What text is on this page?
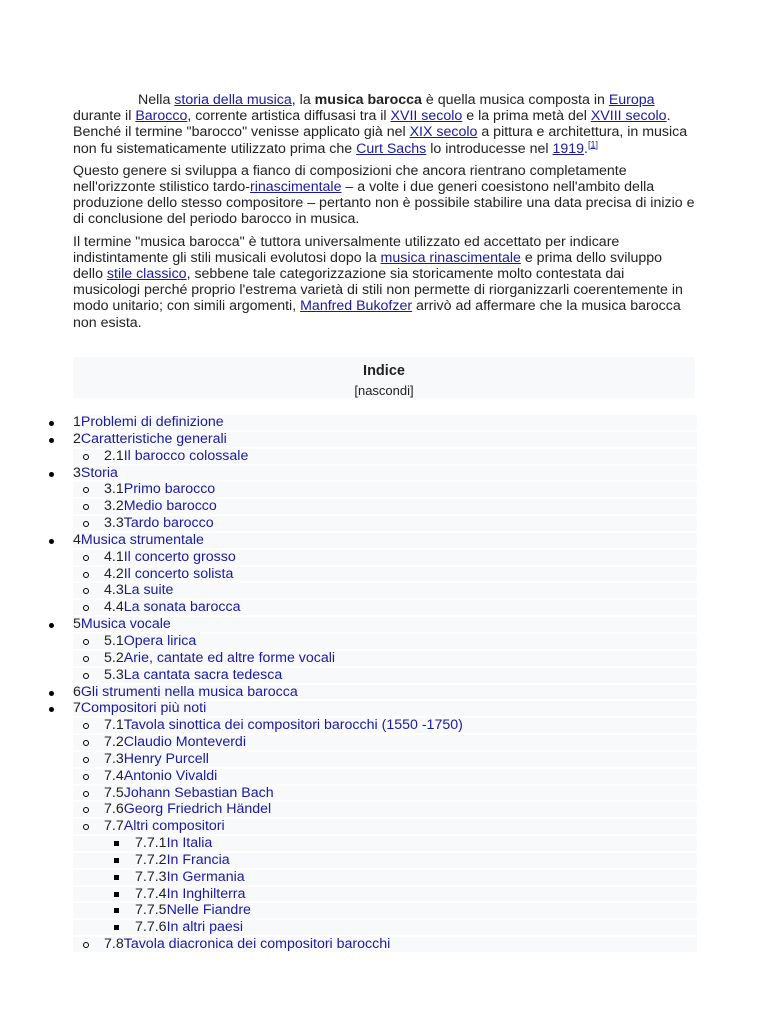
Nella storia della musica, la musica barocca è quella musica composta in Europa durante il Barocco, corrente artistica diffusasi tra il XVII secolo e la prima metà del XVIII secolo. Benché il termine "barocco" venisse applicato già nel XIX secolo a pittura e architettura, in musica non fu sistematicamente utilizzato prima che Curt Sachs lo introducesse nel 1919.[1]

Questo genere si sviluppa a fianco di composizioni che ancora rientrano completamente nell'orizzonte stilistico tardo-rinascimentale – a volte i due generi coesistono nell'ambito della produzione dello stesso compositore – pertanto non è possibile stabilire una data precisa di inizio e di conclusione del periodo barocco in musica.

Il termine "musica barocca" è tuttora universalmente utilizzato ed accettato per indicare indistintamente gli stili musicali evolutosi dopo la musica rinascimentale e prima dello sviluppo dello stile classico, sebbene tale categorizzazione sia storicamente molto contestata dai musicologi perché proprio l'estrema varietà di stili non permette di riorganizzarli coerentemente in modo unitario; con simili argomenti, Manfred Bukofzer arrivò ad affermare che la musica barocca non esista.

Indice
[nascondi]
1Problemi di definizione
2Caratteristiche generali
2.1Il barocco colossale
3Storia
3.1Primo barocco
3.2Medio barocco
3.3Tardo barocco
4Musica strumentale
4.1Il concerto grosso
4.2Il concerto solista
4.3La suite
4.4La sonata barocca
5Musica vocale
5.1Opera lirica
5.2Arie, cantate ed altre forme vocali
5.3La cantata sacra tedesca
6Gli strumenti nella musica barocca
7Compositori più noti
7.1Tavola sinottica dei compositori barocchi (1550 -1750)
7.2Claudio Monteverdi
7.3Henry Purcell
7.4Antonio Vivaldi
7.5Johann Sebastian Bach
7.6Georg Friedrich Händel
7.7Altri compositori
7.7.1In Italia
7.7.2In Francia
7.7.3In Germania
7.7.4In Inghilterra
7.7.5Nelle Fiandre
7.7.6In altri paesi
7.8Tavola diacronica dei compositori barocchi
